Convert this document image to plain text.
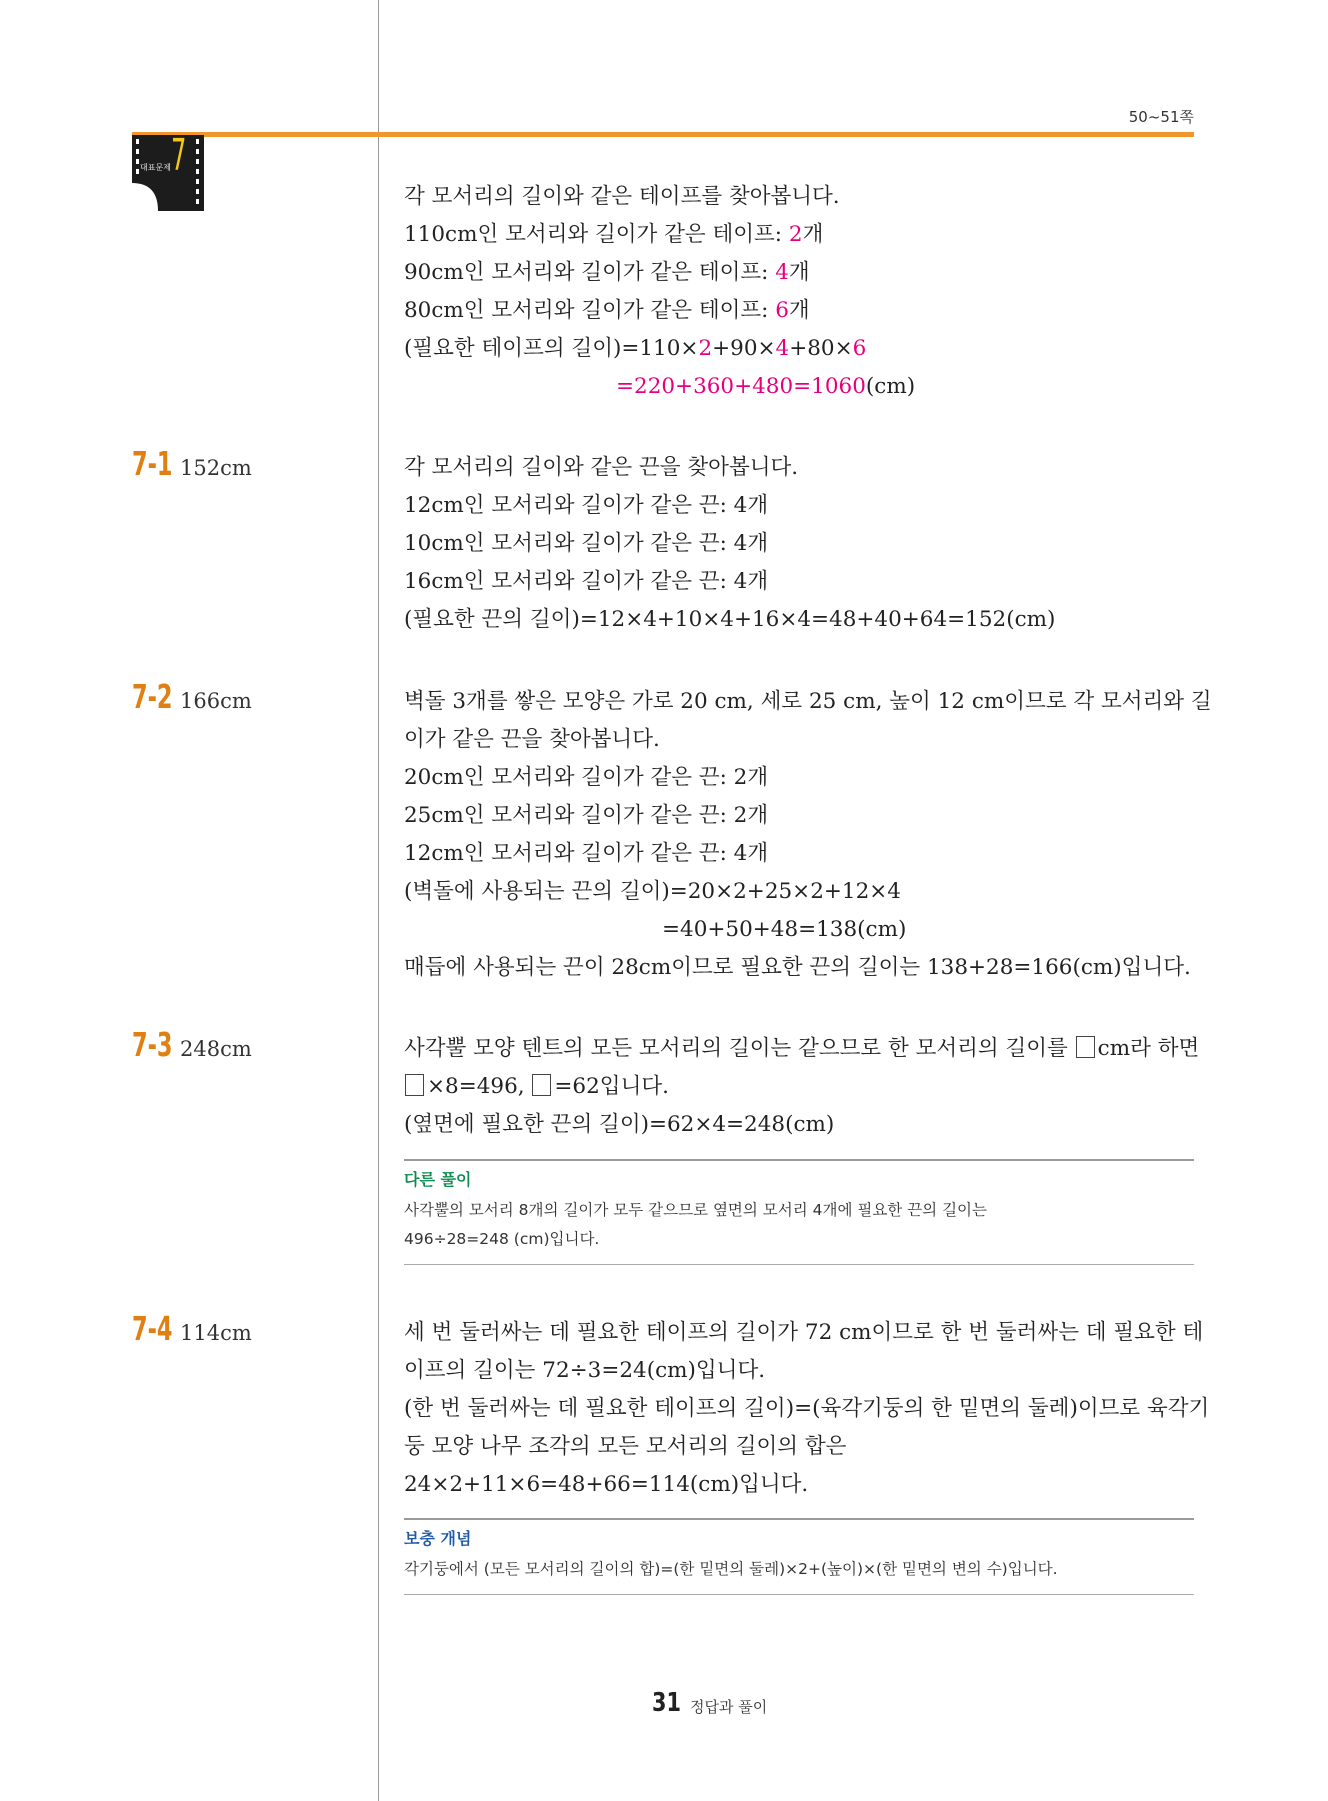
50~51쪽
대표문제 7
각 모서리의 길이와 같은 테이프를 찾아봅니다.
110cm인 모서리와 길이가 같은 테이프: 2개
90cm인 모서리와 길이가 같은 테이프: 4개
80cm인 모서리와 길이가 같은 테이프: 6개
(필요한 테이프의 길이)=110×2+90×4+80×6
=220+360+480=1060(cm)
7-1 152cm	각 모서리의 길이와 같은 끈을 찾아봅니다.
12cm인 모서리와 길이가 같은 끈: 4개
10cm인 모서리와 길이가 같은 끈: 4개
16cm인 모서리와 길이가 같은 끈: 4개
(필요한 끈의 길이)=12×4+10×4+16×4=48+40+64=152(cm)
7-2 166cm	벽돌 3개를 쌓은 모양은 가로 20 cm, 세로 25 cm, 높이 12 cm이므로 각 모서리와 길
이가 같은 끈을 찾아봅니다.
20cm인 모서리와 길이가 같은 끈: 2개
25cm인 모서리와 길이가 같은 끈: 2개
12cm인 모서리와 길이가 같은 끈: 4개
(벽돌에 사용되는 끈의 길이)=20×2+25×2+12×4
=40+50+48=138(cm)
매듭에 사용되는 끈이 28cm이므로 필요한 끈의 길이는 138+28=166(cm)입니다.
7-3 248cm	사각뿔 모양 텐트의 모든 모서리의 길이는 같으므로 한 모서리의 길이를 cm라 하면
×8=496, =62입니다.
(옆면에 필요한 끈의 길이)=62×4=248(cm)
다른 풀이
사각뿔의 모서리 8개의 길이가 모두 같으므로 옆면의 모서리 4개에 필요한 끈의 길이는
496÷28=248 (cm)입니다.
7-4 114cm	세 번 둘러싸는 데 필요한 테이프의 길이가 72 cm이므로 한 번 둘러싸는 데 필요한 테
이프의 길이는 72÷3=24(cm)입니다.
(한 번 둘러싸는 데 필요한 테이프의 길이)=(육각기둥의 한 밑면의 둘레)이므로 육각기
둥 모양 나무 조각의 모든 모서리의 길이의 합은
24×2+11×6=48+66=114(cm)입니다.
보충 개념
각기둥에서 (모든 모서리의 길이의 합)=(한 밑면의 둘레)×2+(높이)×(한 밑면의 변의 수)입니다.
31 정답과 풀이
